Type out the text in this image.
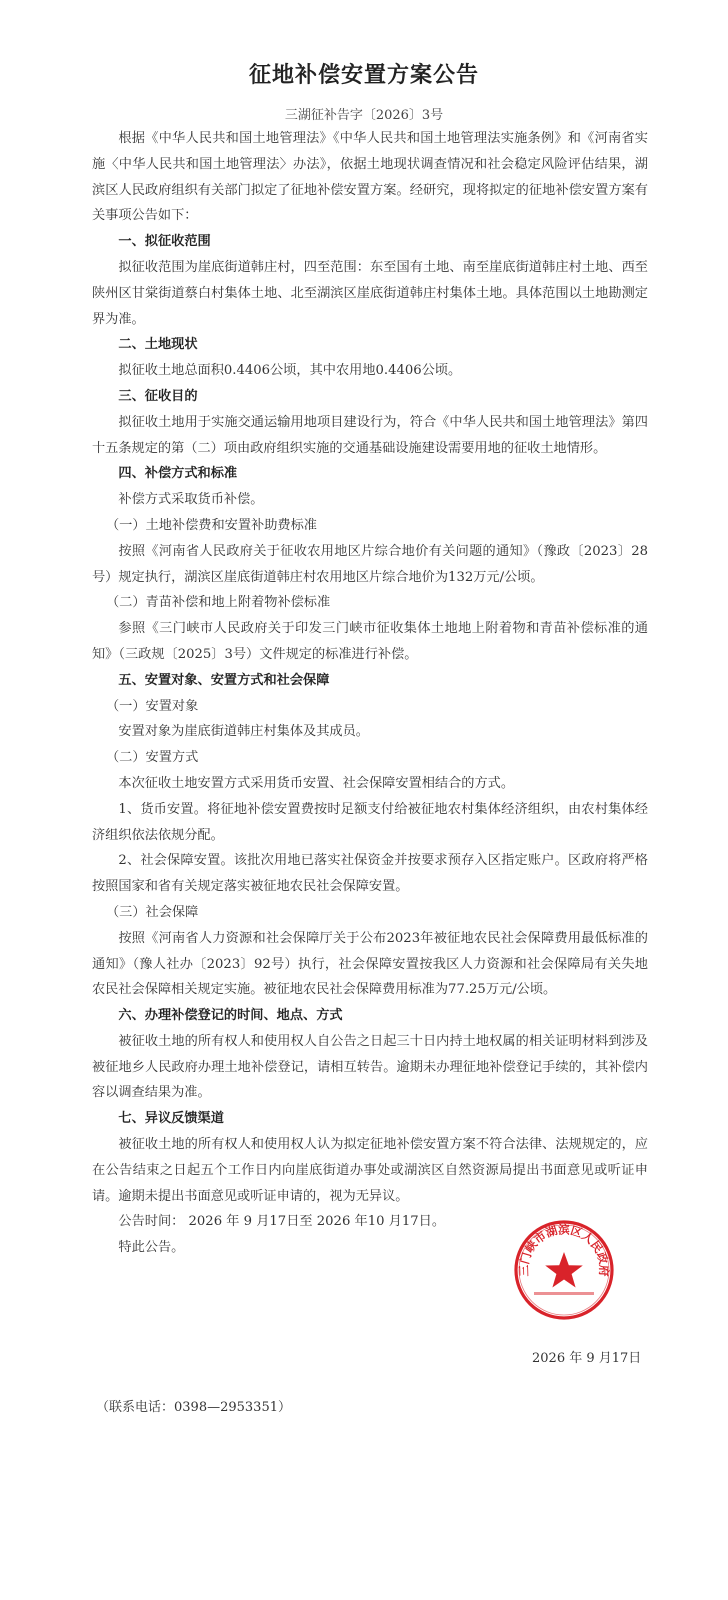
征地补偿安置方案公告
三湖征补告字〔2026〕3号

根据《中华人民共和国土地管理法》《中华人民共和国土地管理法实施条例》和《河南省实施〈中华人民共和国土地管理法〉办法》，依据土地现状调查情况和社会稳定风险评估结果，湖滨区人民政府组织有关部门拟定了征地补偿安置方案。经研究，现将拟定的征地补偿安置方案有关事项公告如下：

一、拟征收范围

拟征收范围为崖底街道韩庄村，四至范围：东至国有土地、南至崖底街道韩庄村土地、西至陕州区甘棠街道蔡白村集体土地、北至湖滨区崖底街道韩庄村集体土地。具体范围以土地勘测定界为准。

二、土地现状

拟征收土地总面积0.4406公顷，其中农用地0.4406公顷。

三、征收目的

拟征收土地用于实施交通运输用地项目建设行为，符合《中华人民共和国土地管理法》第四十五条规定的第（二）项由政府组织实施的交通基础设施建设需要用地的征收土地情形。

四、补偿方式和标准

补偿方式采取货币补偿。

（一）土地补偿费和安置补助费标准

按照《河南省人民政府关于征收农用地区片综合地价有关问题的通知》（豫政〔2023〕28号）规定执行，湖滨区崖底街道韩庄村农用地区片综合地价为132万元/公顷。

（二）青苗补偿和地上附着物补偿标准

参照《三门峡市人民政府关于印发三门峡市征收集体土地地上附着物和青苗补偿标准的通知》（三政规〔2025〕3号）文件规定的标准进行补偿。

五、安置对象、安置方式和社会保障

（一）安置对象

安置对象为崖底街道韩庄村集体及其成员。

（二）安置方式

本次征收土地安置方式采用货币安置、社会保障安置相结合的方式。

1、货币安置。将征地补偿安置费按时足额支付给被征地农村集体经济组织，由农村集体经济组织依法依规分配。

2、社会保障安置。该批次用地已落实社保资金并按要求预存入区指定账户。区政府将严格按照国家和省有关规定落实被征地农民社会保障安置。

（三）社会保障

按照《河南省人力资源和社会保障厅关于公布2023年被征地农民社会保障费用最低标准的通知》（豫人社办〔2023〕92号）执行，社会保障安置按我区人力资源和社会保障局有关失地农民社会保障相关规定实施。被征地农民社会保障费用标准为77.25万元/公顷。

六、办理补偿登记的时间、地点、方式

被征收土地的所有权人和使用权人自公告之日起三十日内持土地权属的相关证明材料到涉及被征地乡人民政府办理土地补偿登记，请相互转告。逾期未办理征地补偿登记手续的，其补偿内容以调查结果为准。

七、异议反馈渠道

被征收土地的所有权人和使用权人认为拟定征地补偿安置方案不符合法律、法规规定的，应在公告结束之日起五个工作日内向崖底街道办事处或湖滨区自然资源局提出书面意见或听证申请。逾期未提出书面意见或听证申请的，视为无异议。

公告时间： 2026 年 9 月17日至 2026 年10 月17日。

特此公告。

三门峡市湖滨区人民政府
2026 年 9 月17日
（联系电话：0398—2953351）
